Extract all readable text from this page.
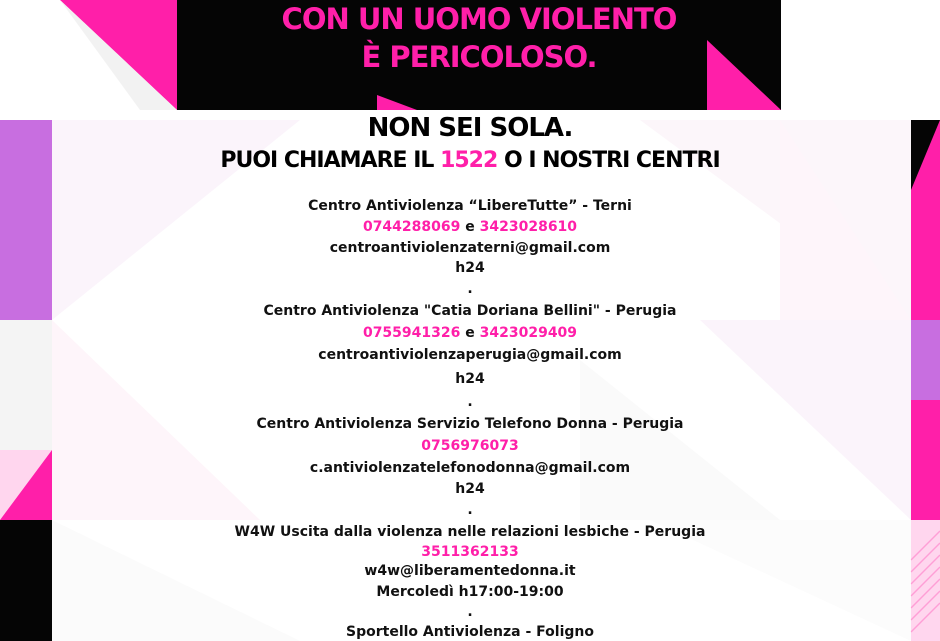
CON UN UOMO VIOLENTO
È PERICOLOSO.
NON SEI SOLA.
PUOI CHIAMARE IL 1522 O I NOSTRI CENTRI
Centro Antiviolenza “LibereTutte” - Terni
0744288069 e 3423028610
centroantiviolenzaterni@gmail.com
h24
.
Centro Antiviolenza "Catia Doriana Bellini" - Perugia
0755941326 e 3423029409
centroantiviolenzaperugia@gmail.com
h24
.
Centro Antiviolenza Servizio Telefono Donna - Perugia
0756976073
c.antiviolenzatelefonodonna@gmail.com
h24
.
W4W Uscita dalla violenza nelle relazioni lesbiche - Perugia
3511362133
w4w@liberamentedonna.it
Mercoledì h17:00-19:00
.
Sportello Antiviolenza - Foligno
